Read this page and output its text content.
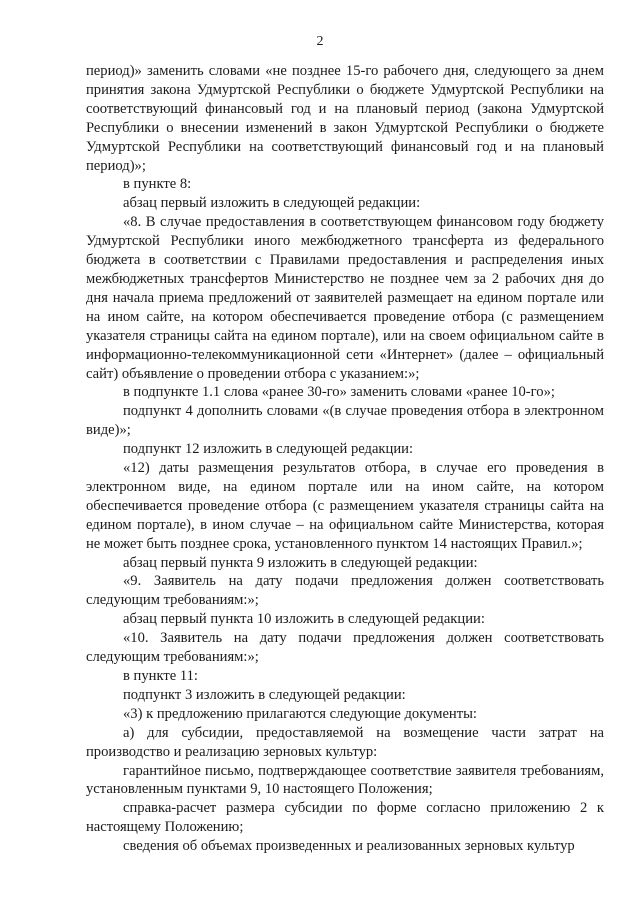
2

период)» заменить словами «не позднее 15-го рабочего дня, следующего за днем принятия закона Удмуртской Республики о бюджете Удмуртской Республики на соответствующий финансовый год и на плановый период (закона Удмуртской Республики о внесении изменений в закон Удмуртской Республики о бюджете Удмуртской Республики на соответствующий финансовый год и на плановый период)»;

в пункте 8:

абзац первый изложить в следующей редакции:

«8. В случае предоставления в соответствующем финансовом году бюджету Удмуртской Республики иного межбюджетного трансферта из федерального бюджета в соответствии с Правилами предоставления и распределения иных межбюджетных трансфертов Министерство не позднее чем за 2 рабочих дня до дня начала приема предложений от заявителей размещает на едином портале или на ином сайте, на котором обеспечивается проведение отбора (с размещением указателя страницы сайта на едином портале), или на своем официальном сайте в информационно-телекоммуникационной сети «Интернет» (далее – официальный сайт) объявление о проведении отбора с указанием:»;

в подпункте 1.1 слова «ранее 30-го» заменить словами «ранее 10-го»;

подпункт 4 дополнить словами «(в случае проведения отбора в электронном виде)»;

подпункт 12 изложить в следующей редакции:

«12) даты размещения результатов отбора, в случае его проведения в электронном виде, на едином портале или на ином сайте, на котором обеспечивается проведение отбора (с размещением указателя страницы сайта на едином портале), в ином случае – на официальном сайте Министерства, которая не может быть позднее срока, установленного пунктом 14 настоящих Правил.»;

абзац первый пункта 9 изложить в следующей редакции:

«9. Заявитель на дату подачи предложения должен соответствовать следующим требованиям:»;

абзац первый пункта 10 изложить в следующей редакции:

«10. Заявитель на дату подачи предложения должен соответствовать следующим требованиям:»;

в пункте 11:

подпункт 3 изложить в следующей редакции:

«3) к предложению прилагаются следующие документы:

а) для субсидии, предоставляемой на возмещение части затрат на производство и реализацию зерновых культур:

гарантийное письмо, подтверждающее соответствие заявителя требованиям, установленным пунктами 9, 10 настоящего Положения;

справка-расчет размера субсидии по форме согласно приложению 2 к настоящему Положению;

сведения об объемах произведенных и реализованных зерновых культур
